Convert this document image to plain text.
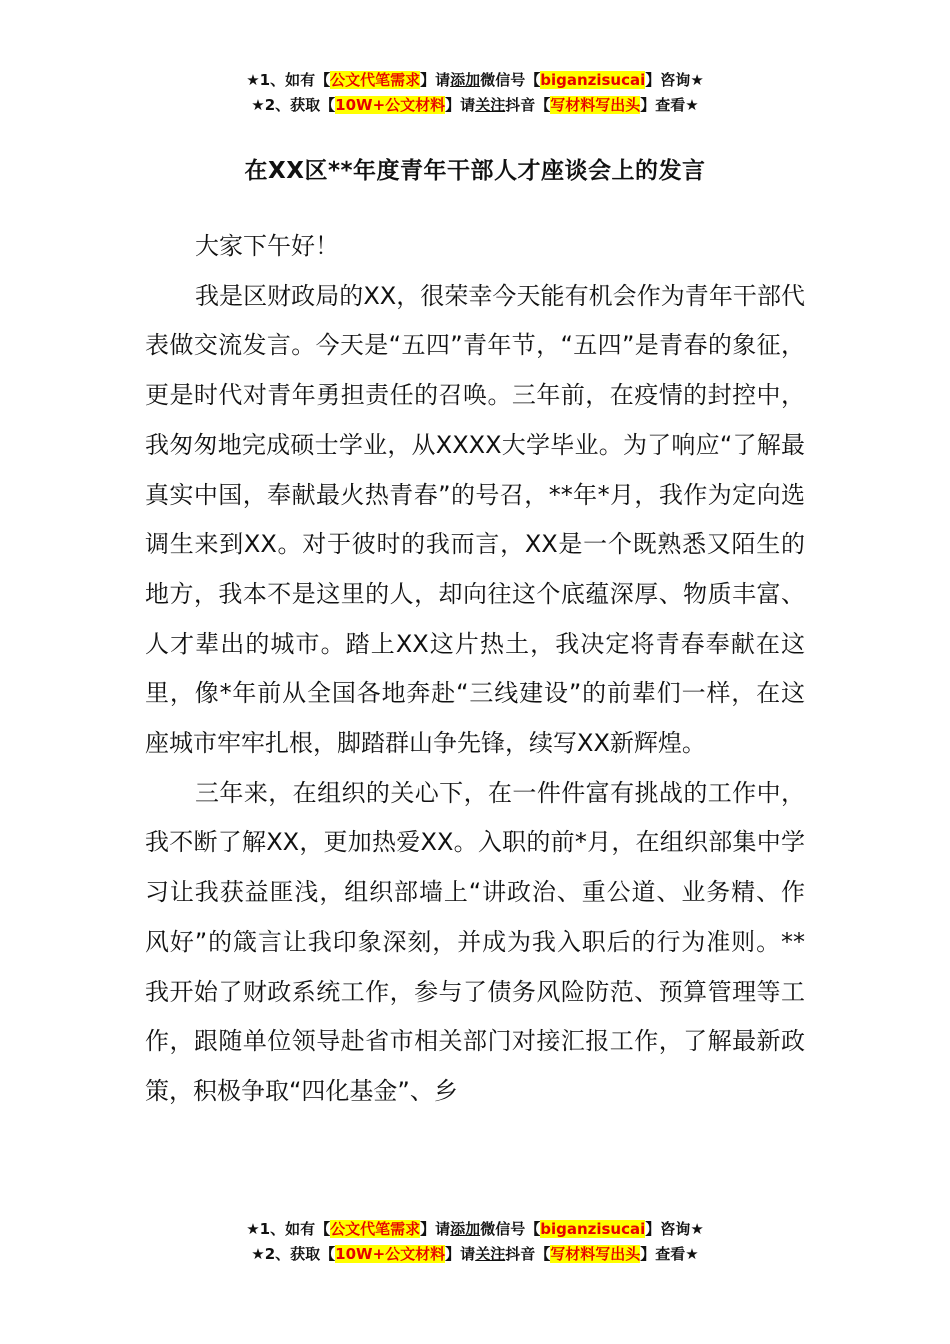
★1、如有【公文代笔需求】请添加微信号【biganzisucai】咨询★
★2、获取【10W+公文材料】请关注抖音【写材料写出头】查看★
在XX区**年度青年干部人才座谈会上的发言

大家下午好！

我是区财政局的XX，很荣幸今天能有机会作为青年干部代表做交流发言。今天是“五四”青年节，“五四”是青春的象征，更是时代对青年勇担责任的召唤。三年前，在疫情的封控中，我匆匆地完成硕士学业，从XXXX大学毕业。为了响应“了解最真实中国，奉献最火热青春”的号召，**年*月，我作为定向选调生来到XX。对于彼时的我而言，XX是一个既熟悉又陌生的地方，我本不是这里的人，却向往这个底蕴深厚、物质丰富、人才辈出的城市。踏上XX这片热土，我决定将青春奉献在这里，像*年前从全国各地奔赴“三线建设”的前辈们一样，在这座城市牢牢扎根，脚踏群山争先锋，续写XX新辉煌。

三年来，在组织的关心下，在一件件富有挑战的工作中，我不断了解XX，更加热爱XX。入职的前*月，在组织部集中学习让我获益匪浅，组织部墙上“讲政治、重公道、业务精、作风好”的箴言让我印象深刻，并成为我入职后的行为准则。**我开始了财政系统工作，参与了债务风险防范、预算管理等工作，跟随单位领导赴省市相关部门对接汇报工作，了解最新政策，积极争取“四化基金”、乡

★1、如有【公文代笔需求】请添加微信号【biganzisucai】咨询★
★2、获取【10W+公文材料】请关注抖音【写材料写出头】查看★
